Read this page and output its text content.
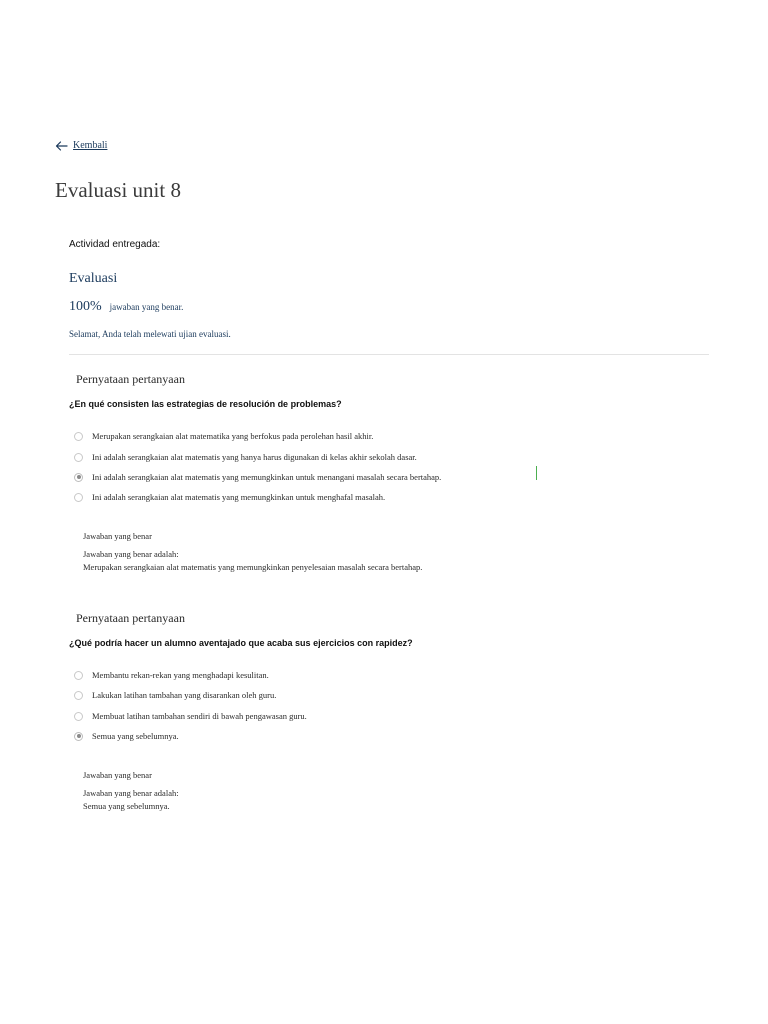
Kembali
Evaluasi unit 8
Actividad entregada:
Evaluasi
100% jawaban yang benar.
Selamat, Anda telah melewati ujian evaluasi.
Pernyataan pertanyaan
¿En qué consisten las estrategias de resolución de problemas?
Merupakan serangkaian alat matematika yang berfokus pada perolehan hasil akhir.
Ini adalah serangkaian alat matematis yang hanya harus digunakan di kelas akhir sekolah dasar.
Ini adalah serangkaian alat matematis yang memungkinkan untuk menangani masalah secara bertahap.
Ini adalah serangkaian alat matematis yang memungkinkan untuk menghafal masalah.
Jawaban yang benar
Jawaban yang benar adalah:
Merupakan serangkaian alat matematis yang memungkinkan penyelesaian masalah secara bertahap.
Pernyataan pertanyaan
¿Qué podría hacer un alumno aventajado que acaba sus ejercicios con rapidez?
Membantu rekan-rekan yang menghadapi kesulitan.
Lakukan latihan tambahan yang disarankan oleh guru.
Membuat latihan tambahan sendiri di bawah pengawasan guru.
Semua yang sebelumnya.
Jawaban yang benar
Jawaban yang benar adalah:
Semua yang sebelumnya.
